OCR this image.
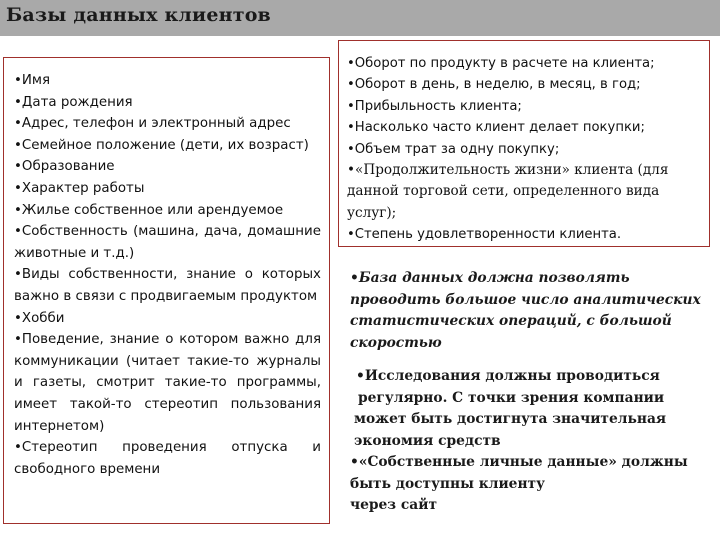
Базы данных клиентов
•Имя
•Дата рождения
•Адрес, телефон и электронный адрес
•Семейное положение (дети, их возраст)
•Образование
•Характер работы
•Жилье собственное или арендуемое
•Собственность (машина, дача, домашние животные и т.д.)
•Виды собственности, знание о которых важно в связи с продвигаемым продуктом
•Хобби
•Поведение, знание о котором важно для коммуникации (читает такие-то журналы и газеты, смотрит такие-то программы, имеет такой-то стереотип пользования интернетом)
•Стереотип проведения отпуска и свободного времени
•Оборот по продукту в расчете на клиента;
•Оборот в день, в неделю, в месяц, в год;
•Прибыльность клиента;
•Насколько часто клиент делает покупки;
•Объем трат за одну покупку;
•«Продолжительность жизни» клиента (для данной торговой сети, определенного вида услуг);
•Степень удовлетворенности клиента.
•База данных должна позволять проводить большое число аналитических статистических операций, с большой скоростью

•Исследования должны проводиться

регулярно. С точки зрения компании

может быть достигнута значительная

экономия средств

•«Собственные личные данные» должны

быть доступны клиенту

через сайт
